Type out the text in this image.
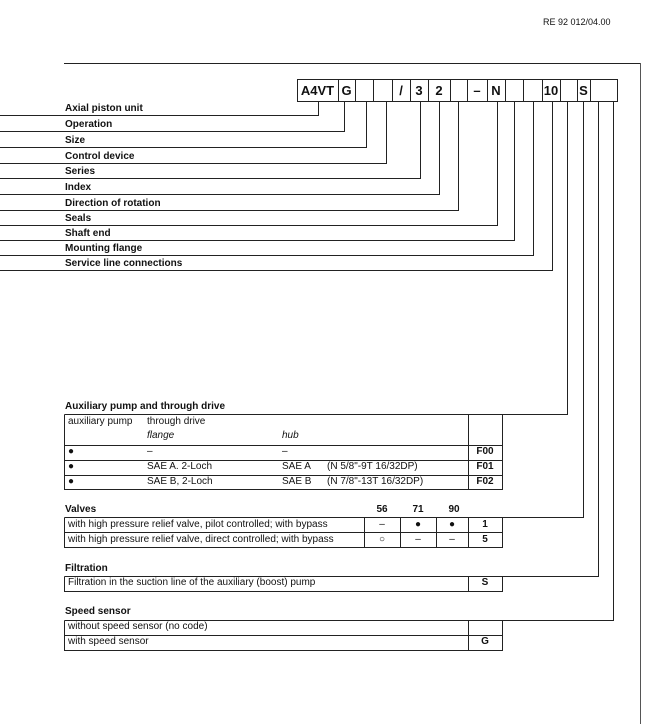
RE 92 012/04.00
A4VT G	/ 3 2	– N	10 S
Axial piston unit
Operation
Size
Control device
Series
Index
Direction of rotation
Seals
Shaft end
Mounting flange
Service line connections
Auxiliary pump and through drive
auxiliary pump through drive
flange	hub
●	–	–	F00
●	SAE A. 2-Loch	SAE A (N 5/8"-9T 16/32DP)	F01
●	SAE B, 2-Loch	SAE B (N 7/8"-13T 16/32DP)	F02
Valves	56	71	90
with high pressure relief valve, pilot controlled; with bypass	–	●	●	1
with high pressure relief valve, direct controlled; with bypass	○	–	–	5
Filtration
Filtration in the suction line of the auxiliary (boost) pump	S
Speed sensor
without speed sensor (no code)
with speed sensor	G
